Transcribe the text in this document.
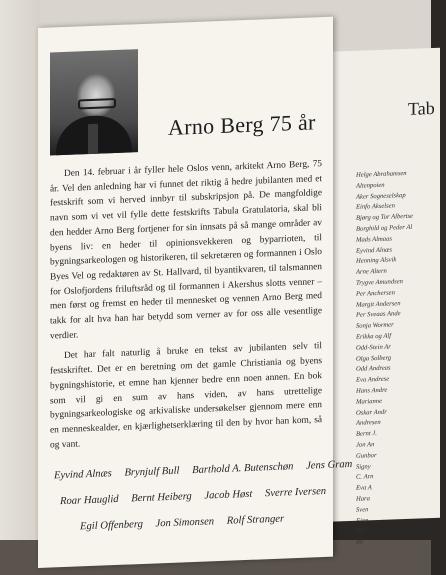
Tab
Helge Abrahamsen
Altenpoien
Aker Sogneselskap
Einfo Akselsen
Bjørg og Tor Albertse
Borghild og Peder Al
Mads Almaas
Eyvind Alnæs
Henning Alsvik
Arne Altern
Trygve Amundsen
Per Anchersen
Margit Andersen
Per Sveaas Ande
Sonja Wormer
Erikka og Alf
Odd-Stein Ar
Olga Solberg
Odd Andreas
Eva Andrese
Hans Andre
Marianne
Oskar Andr
Andresen
Bernt J.
Jon An
Gunbor
Signy
C. Arn
Eva A
Hara
Sven
Finn
Nil
Ro
Arno Berg 75 år

Den 14. februar i år fyller hele Oslos venn, arkitekt Arno Berg, 75 år. Vel den anledning har vi funnet det riktig å hedre jubilanten med et festskrift som vi herved innbyr til subskripsjon på. De mangfoldige navn som vi vet vil fylle dette festskrifts Tabula Gratulatoria, skal bli den hedder Arno Berg fortjener for sin innsats på så mange områder av byens liv: en heder til opinionsvekkeren og byparrioten, til bygningsarkeologen og historikeren, til sekretæren og formannen i Oslo Byes Vel og redaktøren av St. Hallvard, til byantikvaren, til talsmannen for Oslofjordens friluftsråd og til formannen i Akershus slotts venner – men først og fremst en heder til mennesket og vennen Arno Berg med takk for alt hva han har betydd som verner av for oss alle vesentlige verdier.

Det har falt naturlig å bruke en tekst av jubilanten selv til festskriftet. Det er en beretning om det gamle Christiania og byens bygningshistorie, et emne han kjenner bedre enn noen annen. En bok som vil gi en sum av hans viden, av hans utrettelige bygningsarkeologiske og arkivaliske undersøkelser gjennom mere enn en menneskealder, en kjærlighetserklæring til den by hvor han kom, så og vant.

Eyvind Alnæs Brynjulf Bull Barthold A. Butenschøn Jens Gram
Roar Hauglid Bernt Heiberg Jacob Høst Sverre Iversen
Egil Offenberg Jon Simonsen Rolf Stranger
